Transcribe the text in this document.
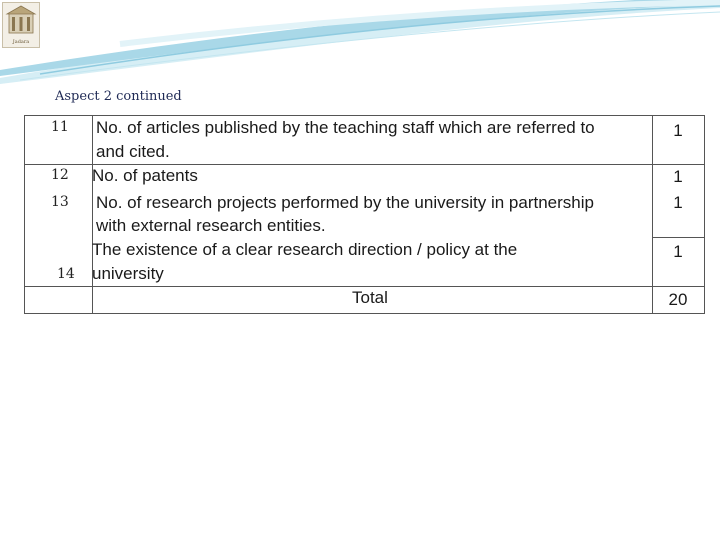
Jadara
Aspect 2 continued
11 No. of articles published by the teaching staff which are referred to
and cited.
1
12 No. of patents	1
13 No. of research projects performed by the university in partnership
with external research entities.
1
14
The existence of a clear research direction / policy at the
university
1
Total	20
